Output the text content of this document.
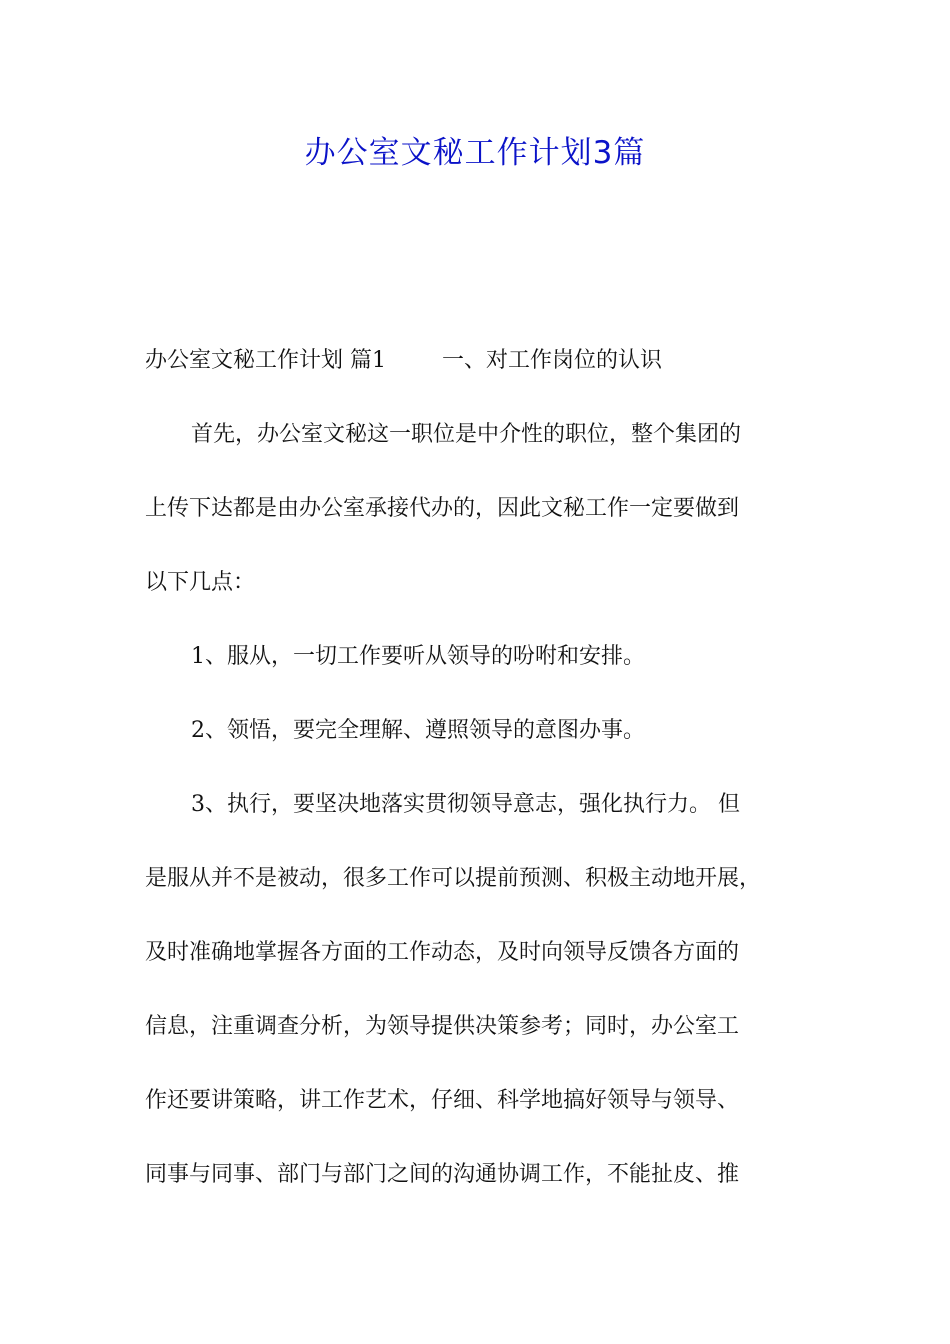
办公室文秘工作计划3篇
办公室文秘工作计划 篇1	一、对工作岗位的认识
首先，办公室文秘这一职位是中介性的职位，整个集团的
上传下达都是由办公室承接代办的，因此文秘工作一定要做到
以下几点：
1、服从，一切工作要听从领导的吩咐和安排。
2、领悟，要完全理解、遵照领导的意图办事。
3、执行，要坚决地落实贯彻领导意志，强化执行力。 但
是服从并不是被动，很多工作可以提前预测、积极主动地开展，
及时准确地掌握各方面的工作动态，及时向领导反馈各方面的
信息，注重调查分析，为领导提供决策参考；同时，办公室工
作还要讲策略，讲工作艺术，仔细、科学地搞好领导与领导、
同事与同事、部门与部门之间的沟通协调工作，不能扯皮、推
